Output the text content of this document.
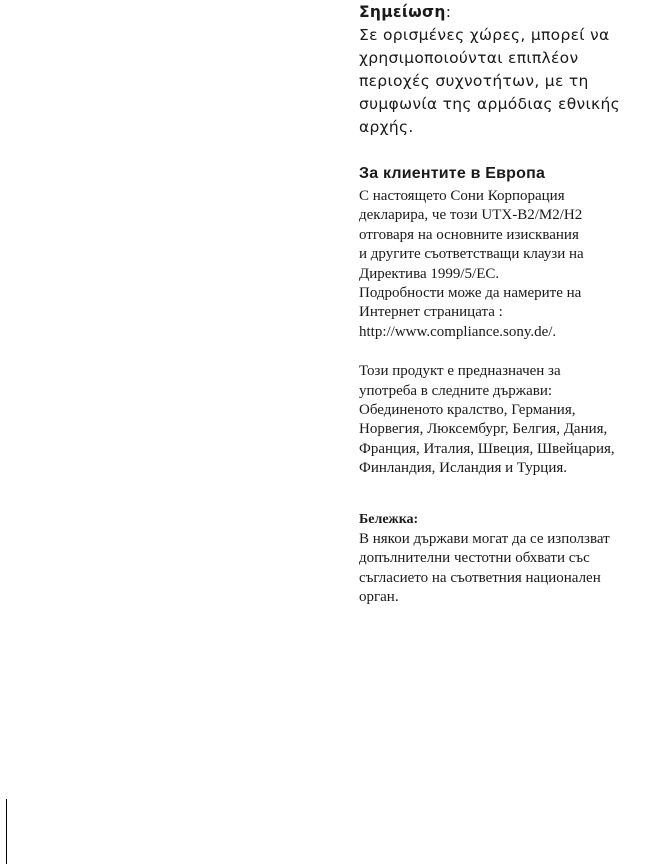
Σημείωση:

Σε ορισμένες χώρες, μπορεί να

χρησιμοποιούνται επιπλέον

περιοχές συχνοτήτων, με τη

συμφωνία της αρμόδιας εθνικής

αρχής.

За клиентите в Европа

С настоящето Сони Корпорация

декларира, че този UTX-B2/M2/H2

отговаря на основните изисквания

и другите съответстващи клаузи на

Директива 1999/5/ЕС.

Подробности може да намерите на

Интернет страницата :

http://www.compliance.sony.de/.

Този продукт е предназначен за

употреба в следните държави:

Обединеното кралство, Германия,

Норвегия, Люксембург, Белгия, Дания,

Франция, Италия, Швеция, Швейцария,

Финландия, Исландия и Турция.

Бележка:

В някои държави могат да се използват

допълнителни честотни обхвати със

съгласието на съответния национален

орган.
